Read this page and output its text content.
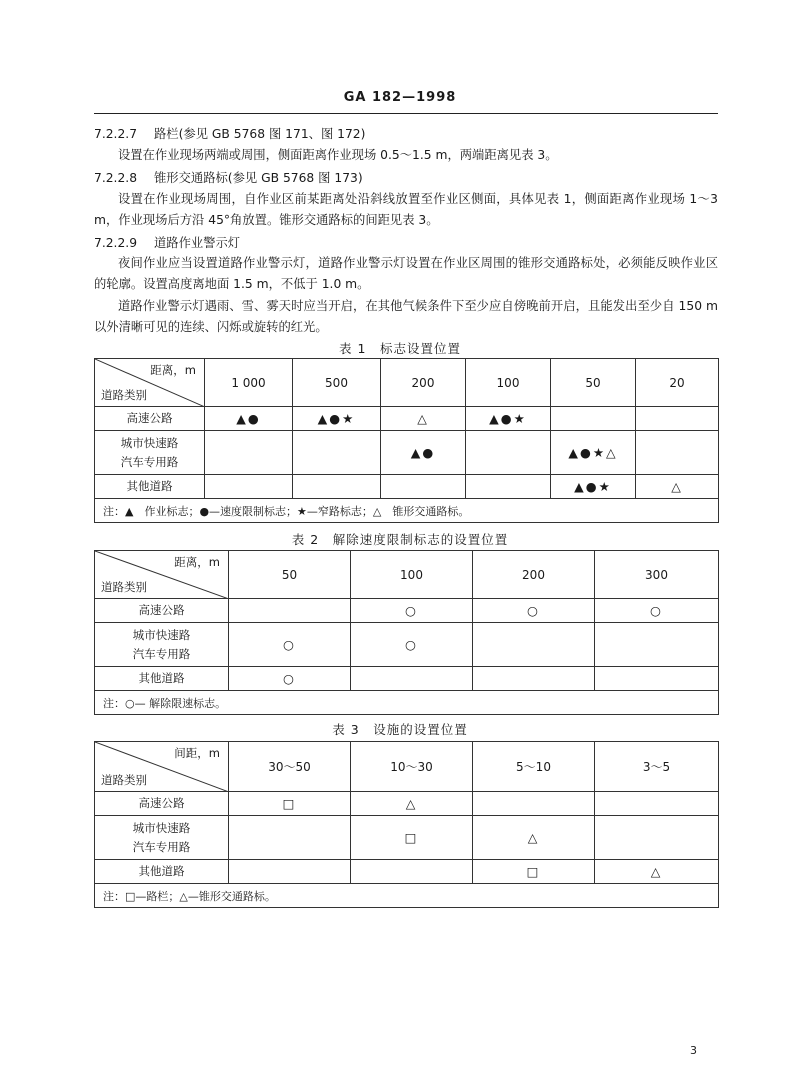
GA 182—1998
7.2.2.7 路栏(参见 GB 5768 图 171、图 172)
设置在作业现场两端或周围，侧面距离作业现场 0.5～1.5 m，两端距离见表 3。
7.2.2.8 锥形交通路标(参见 GB 5768 图 173)
设置在作业现场周围，自作业区前某距离处沿斜线放置至作业区侧面，具体见表 1，侧面距离作业现场 1～3 m，作业现场后方沿 45°角放置。锥形交通路标的间距见表 3。
7.2.2.9 道路作业警示灯
夜间作业应当设置道路作业警示灯，道路作业警示灯设置在作业区周围的锥形交通路标处，必须能反映作业区的轮廓。设置高度离地面 1.5 m，不低于 1.0 m。
道路作业警示灯遇雨、雪、雾天时应当开启，在其他气候条件下至少应自傍晚前开启，且能发出至少自 150 m 以外清晰可见的连续、闪烁或旋转的红光。
表 1　标志设置位置
距离，m
道路类别	1 000	500	200	100	50	20
高速公路	▲●	▲●★	△	▲●★		

城市快速路
汽车专用路			▲●		▲●★△	
其他道路					▲●★	△
注：▲　作业标志；●—速度限制标志；★—窄路标志；△　锥形交通路标。						
表 2　解除速度限制标志的设置位置
距离，m
道路类别	50	100	200	300
高速公路		○	○	○

城市快速路
汽车专用路	○	○		
其他道路	○			
注：○— 解除限速标志。				
表 3　设施的设置位置
间距，m
道路类别	30～50	10～30	5～10	3～5
高速公路	□	△		

城市快速路
汽车专用路		□	△	
其他道路			□	△
注：□—路栏；△—锥形交通路标。				
3
